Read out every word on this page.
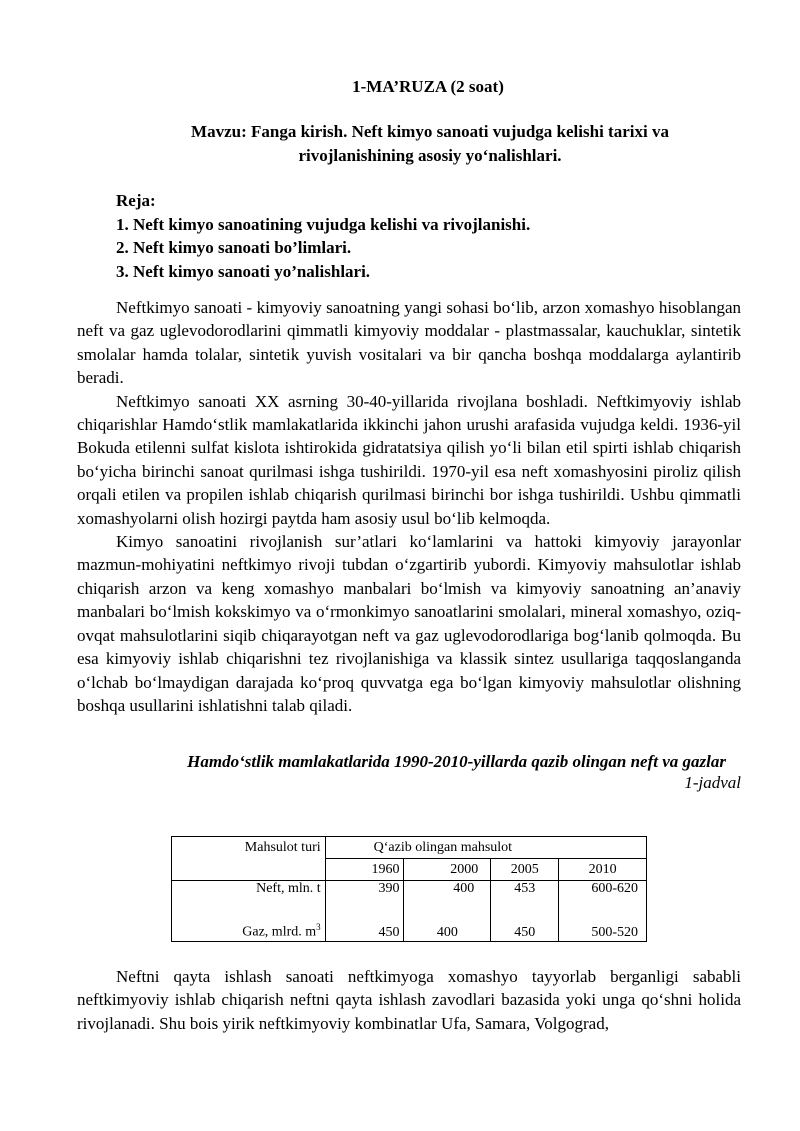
1-MA’RUZA (2 soat)
Mavzu: Fanga kirish. Neft kimyo sanoati vujudga kelishi tarixi va rivojlanishining asosiy yo‘nalishlari.
Reja:
1. Neft kimyo sanoatining vujudga kelishi va rivojlanishi.
2. Neft kimyo sanoati bo’limlari.
3. Neft kimyo sanoati yo’nalishlari.

Neftkimyo sanoati - kimyoviy sanoatning yangi sohasi bo‘lib, arzon xomashyo hisoblangan neft va gaz uglevodorodlarini qimmatli kimyoviy moddalar - plastmassalar, kauchuklar, sintetik smolalar hamda tolalar, sintetik yuvish vositalari va bir qancha boshqa moddalarga aylantirib beradi.

Neftkimyo sanoati XX asrning 30-40-yillarida rivojlana boshladi. Neftkimyoviy ishlab chiqarishlar Hamdo‘stlik mamlakatlarida ikkinchi jahon urushi arafasida vujudga keldi. 1936-yil Bokuda etilenni sulfat kislota ishtirokida gidratatsiya qilish yo‘li bilan etil spirti ishlab chiqarish bo‘yicha birinchi sanoat qurilmasi ishga tushirildi. 1970-yil esa neft xomashyosini piroliz qilish orqali etilen va propilen ishlab chiqarish qurilmasi birinchi bor ishga tushirildi. Ushbu qimmatli xomashyolarni olish hozirgi paytda ham asosiy usul bo‘lib kelmoqda.

Kimyo sanoatini rivojlanish sur’atlari ko‘lamlarini va hattoki kimyoviy jarayonlar mazmun-mohiyatini neftkimyo rivoji tubdan o‘zgartirib yubordi. Kimyoviy mahsulotlar ishlab chiqarish arzon va keng xomashyo manbalari bo‘lmish va kimyoviy sanoatning an’anaviy manbalari bo‘lmish kokskimyo va o‘rmonkimyo sanoatlarini smolalari, mineral xomashyo, oziq-ovqat mahsulotlarini siqib chiqarayotgan neft va gaz uglevodorodlariga bog‘lanib qolmoqda. Bu esa kimyoviy ishlab chiqarishni tez rivojlanishiga va klassik sintez usullariga taqqoslanganda o‘lchab bo‘lmaydigan darajada ko‘proq quvvatga ega bo‘lgan kimyoviy mahsulotlar olishning boshqa usullarini ishlatishni talab qiladi.

Hamdo‘stlik mamlakatlarida 1990-2010-yillarda qazib olingan neft va gazlar
1-jadval
Mahsulot turi	Q‘azib olingan mahsulot			
	1960	2000	2005	2010
Neft, mln. t	390	400	453	600-620
Gaz, mlrd. $m^3$	450	400	450	500-520

Neftni qayta ishlash sanoati neftkimyoga xomashyo tayyorlab berganligi sababli neftkimyoviy ishlab chiqarish neftni qayta ishlash zavodlari bazasida yoki unga qo‘shni holida rivojlanadi. Shu bois yirik neftkimyoviy kombinatlar Ufa, Samara, Volgograd,
